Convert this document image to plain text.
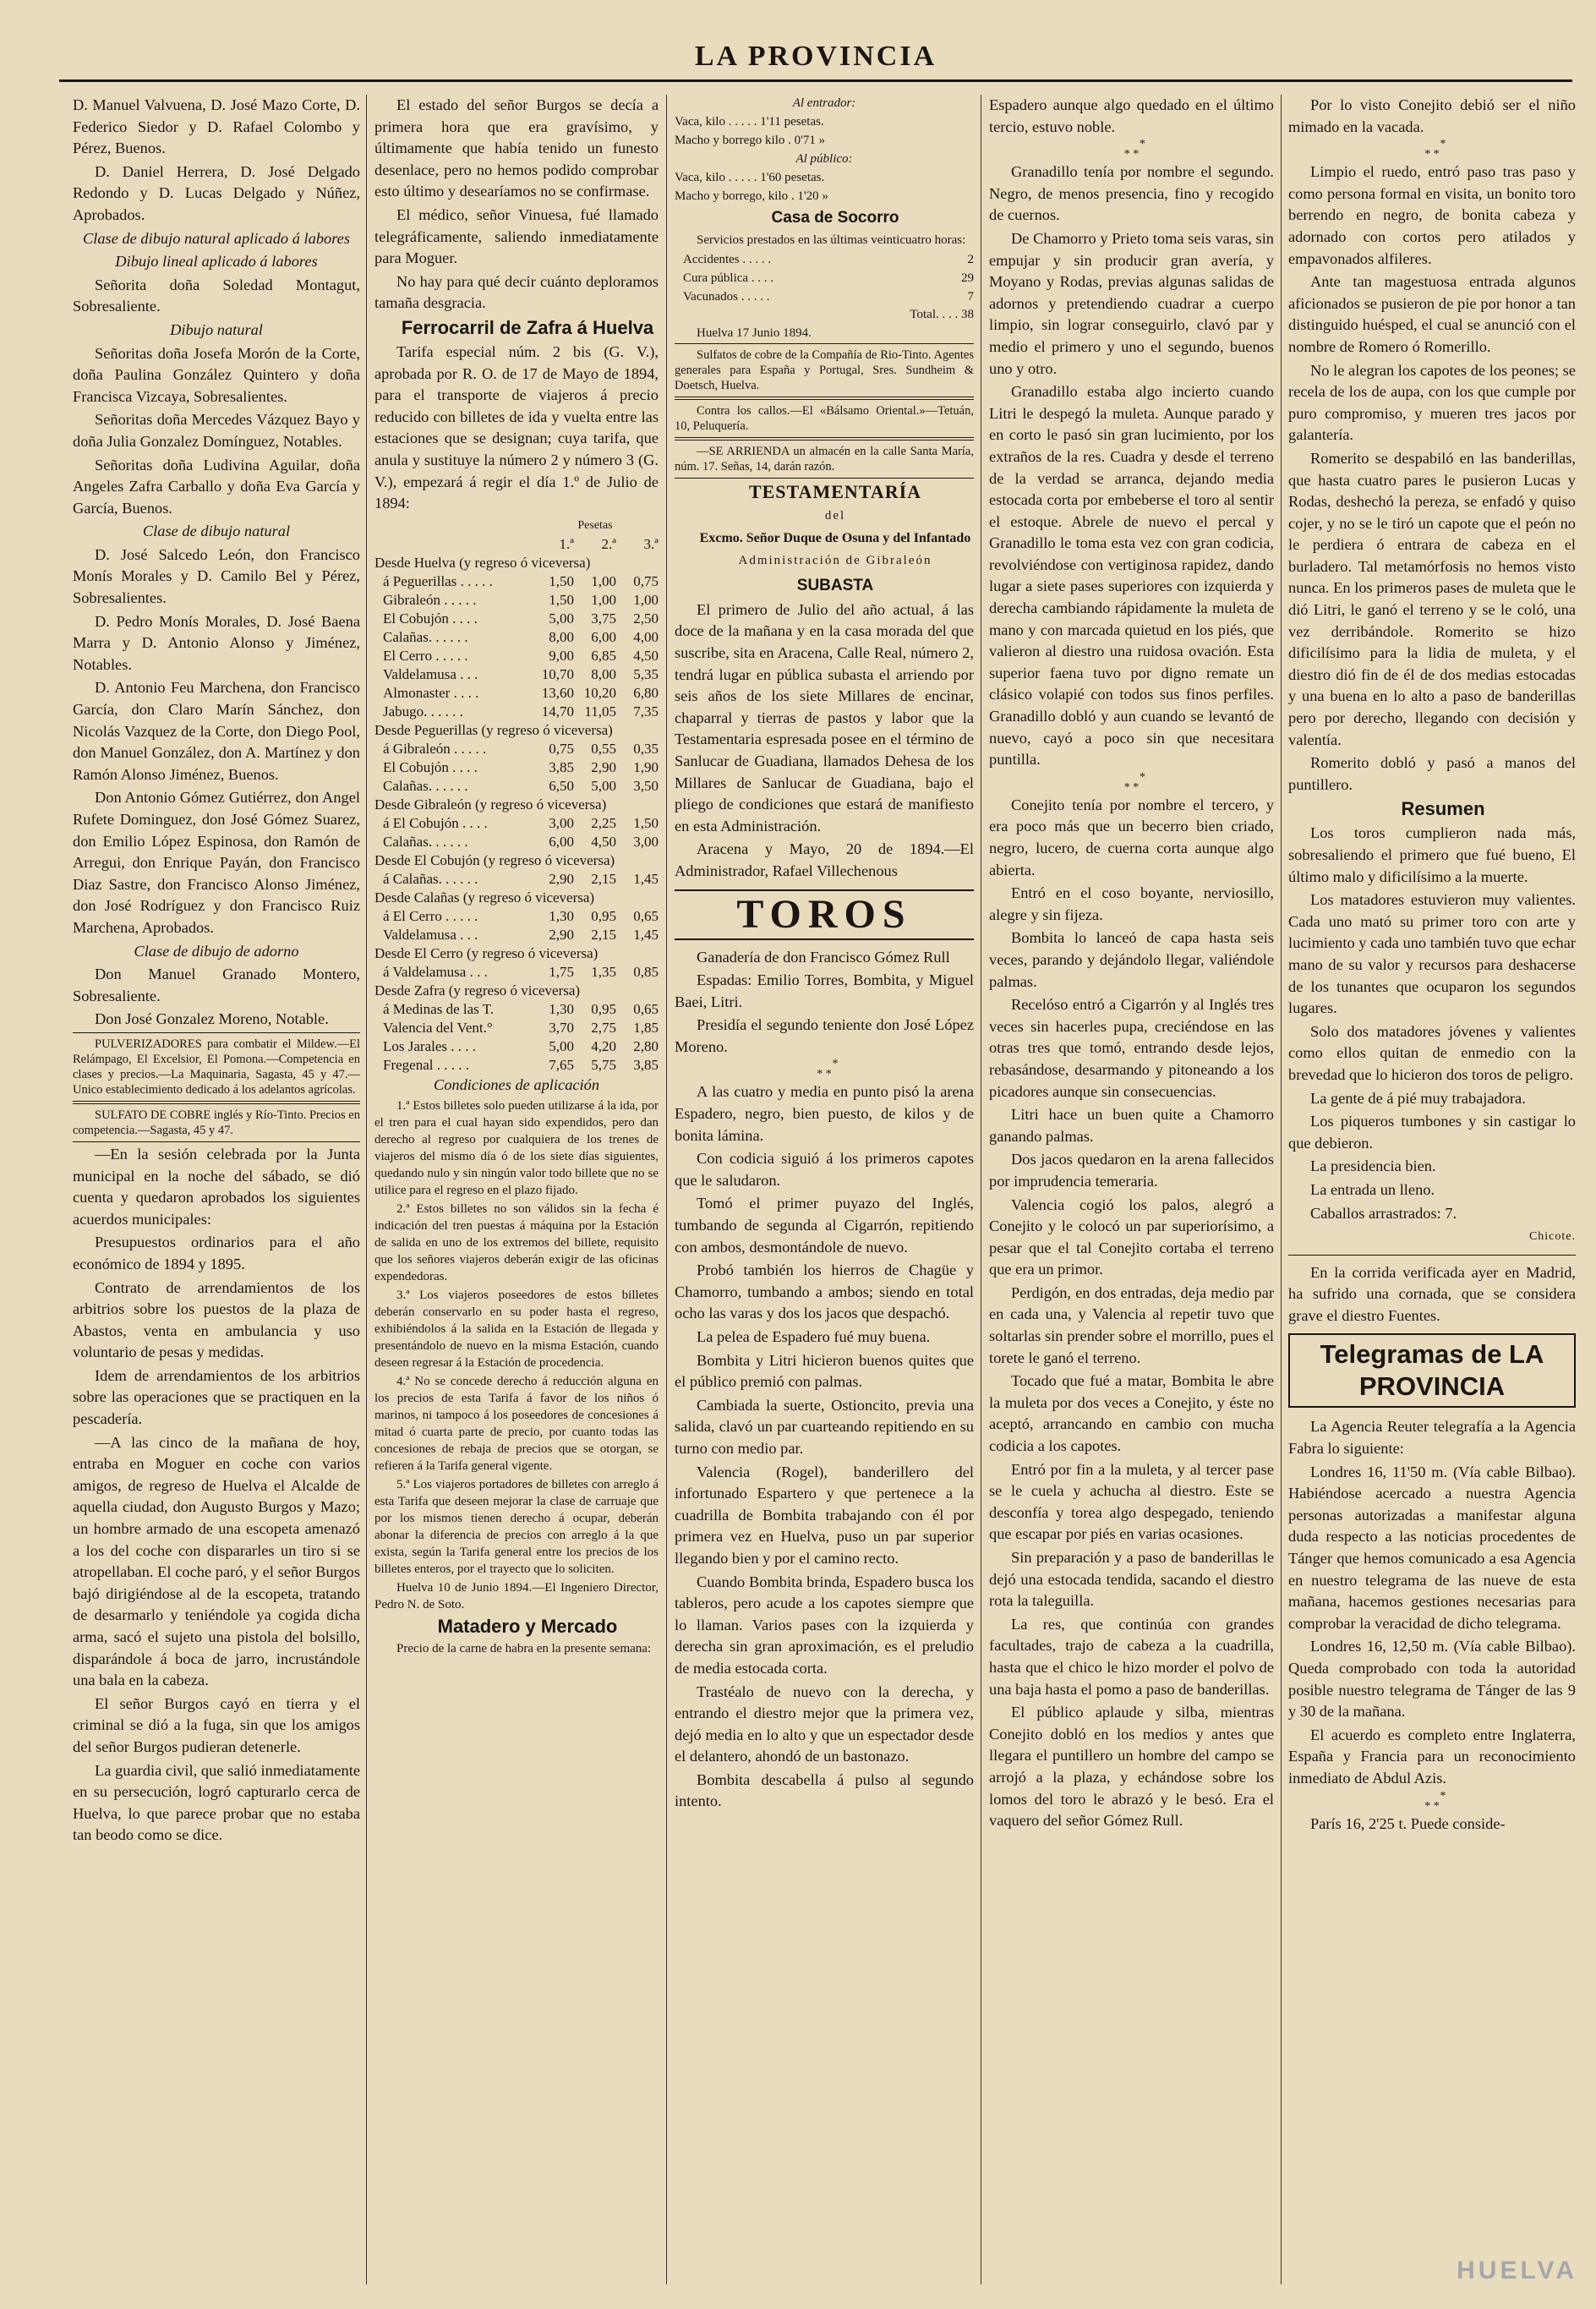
LA PROVINCIA

D. Manuel Valvuena, D. José Mazo Corte, D. Federico Siedor y D. Rafael Colombo y Pérez, Buenos.

D. Daniel Herrera, D. José Delgado Redondo y D. Lucas Delgado y Núñez, Aprobados.

Clase de dibujo natural aplicado á labores

Dibujo lineal aplicado á labores

Señorita doña Soledad Montagut, Sobresaliente.

Dibujo natural

Señoritas doña Josefa Morón de la Corte, doña Paulina González Quintero y doña Francisca Vizcaya, Sobresalientes.

Señoritas doña Mercedes Vázquez Bayo y doña Julia Gonzalez Domínguez, Notables.

Señoritas doña Ludivina Aguilar, doña Angeles Zafra Carballo y doña Eva García y García, Buenos.

Clase de dibujo natural

D. José Salcedo León, don Francisco Monís Morales y D. Camilo Bel y Pérez, Sobresalientes.

D. Pedro Monís Morales, D. José Baena Marra y D. Antonio Alonso y Jiménez, Notables.

D. Antonio Feu Marchena, don Francisco García, don Claro Marín Sánchez, don Nicolás Vazquez de la Corte, don Diego Pool, don Manuel González, don A. Martínez y don Ramón Alonso Jiménez, Buenos.

Don Antonio Gómez Gutiérrez, don Angel Rufete Dominguez, don José Gómez Suarez, don Emilio López Espinosa, don Ramón de Arregui, don Enrique Payán, don Francisco Diaz Sastre, don Francisco Alonso Jiménez, don José Rodríguez y don Francisco Ruiz Marchena, Aprobados.

Clase de dibujo de adorno

Don Manuel Granado Montero, Sobresaliente.

Don José Gonzalez Moreno, Notable.

PULVERIZADORES para combatir el Mildew.—El Relámpago, El Excelsior, El Pomona.—Competencia en clases y precios.—La Maquinaria, Sagasta, 45 y 47.—Unico establecimiento dedicado á los adelantos agrícolas.

SULFATO DE COBRE inglés y Río-Tinto. Precios en competencia.—Sagasta, 45 y 47.

—En la sesión celebrada por la Junta municipal en la noche del sábado, se dió cuenta y quedaron aprobados los siguientes acuerdos municipales:

Presupuestos ordinarios para el año económico de 1894 y 1895.

Contrato de arrendamientos de los arbitrios sobre los puestos de la plaza de Abastos, venta en ambulancia y uso voluntario de pesas y medidas.

Idem de arrendamientos de los arbitrios sobre las operaciones que se practiquen en la pescadería.

—A las cinco de la mañana de hoy, entraba en Moguer en coche con varios amigos, de regreso de Huelva el Alcalde de aquella ciudad, don Augusto Burgos y Mazo; un hombre armado de una escopeta amenazó a los del coche con dispararles un tiro si se atropellaban. El coche paró, y el señor Burgos bajó dirigiéndose al de la escopeta, tratando de desarmarlo y teniéndole ya cogida dicha arma, sacó el sujeto una pistola del bolsillo, disparándole á boca de jarro, incrustándole una bala en la cabeza.

El señor Burgos cayó en tierra y el criminal se dió a la fuga, sin que los amigos del señor Burgos pudieran detenerle.

La guardia civil, que salió inmediatamente en su persecución, logró capturarlo cerca de Huelva, lo que parece probar que no estaba tan beodo como se dice.

El estado del señor Burgos se decía a primera hora que era gravísimo, y últimamente que había tenido un funesto desenlace, pero no hemos podido comprobar esto último y desearíamos no se confirmase.

El médico, señor Vinuesa, fué llamado telegráficamente, saliendo inmediatamente para Moguer.

No hay para qué decir cuánto deploramos tamaña desgracia.

Ferrocarril de Zafra á Huelva

Tarifa especial núm. 2 bis (G. V.), aprobada por R. O. de 17 de Mayo de 1894, para el transporte de viajeros á precio reducido con billetes de ida y vuelta entre las estaciones que se designan; cuya tarifa, que anula y sustituye la número 2 y número 3 (G. V.), empezará á regir el día 1.º de Julio de 1894:

	Pesetas		
	1.ª	2.ª	3.ª
Desde Huelva (y regreso ó viceversa)			
á Peguerillas . . . . .	1,50	1,00	0,75
Gibraleón . . . . .	1,50	1,00	1,00
El Cobujón . . . .	5,00	3,75	2,50
Calañas. . . . . .	8,00	6,00	4,00
El Cerro . . . . .	9,00	6,85	4,50
Valdelamusa . . .	10,70	8,00	5,35
Almonaster . . . .	13,60	10,20	6,80
Jabugo. . . . . .	14,70	11,05	7,35
Desde Peguerillas (y regreso ó viceversa)			
á Gibraleón . . . . .	0,75	0,55	0,35
El Cobujón . . . .	3,85	2,90	1,90
Calañas. . . . . .	6,50	5,00	3,50
Desde Gibraleón (y regreso ó viceversa)			
á El Cobujón . . . .	3,00	2,25	1,50
Calañas. . . . . .	6,00	4,50	3,00
Desde El Cobujón (y regreso ó viceversa)			
á Calañas. . . . . .	2,90	2,15	1,45
Desde Calañas (y regreso ó viceversa)			
á El Cerro . . . . .	1,30	0,95	0,65
Valdelamusa . . .	2,90	2,15	1,45
Desde El Cerro (y regreso ó viceversa)			
á Valdelamusa . . .	1,75	1,35	0,85
Desde Zafra (y regreso ó viceversa)			
á Medinas de las T.	1,30	0,95	0,65
Valencia del Vent.°	3,70	2,75	1,85
Los Jarales . . . .	5,00	4,20	2,80
Fregenal . . . . .	7,65	5,75	3,85

Condiciones de aplicación

1.ª Estos billetes solo pueden utilizarse á la ida, por el tren para el cual hayan sido expendidos, pero dan derecho al regreso por cualquiera de los trenes de viajeros del mismo día ó de los siete días siguientes, quedando nulo y sin ningún valor todo billete que no se utilice para el regreso en el plazo fijado.

2.ª Estos billetes no son válidos sin la fecha é indicación del tren puestas á máquina por la Estación de salida en uno de los extremos del billete, requisito que los señores viajeros deberán exigir de las oficinas expendedoras.

3.ª Los viajeros poseedores de estos billetes deberán conservarlo en su poder hasta el regreso, exhibiéndolos á la salida en la Estación de llegada y presentándolo de nuevo en la misma Estación, cuando deseen regresar á la Estación de procedencia.

4.ª No se concede derecho á reducción alguna en los precios de esta Tarifa á favor de los niños ó marinos, ni tampoco á los poseedores de concesiones á mitad ó cuarta parte de precio, por cuanto todas las concesiones de rebaja de precios que se otorgan, se refieren á la Tarifa general vigente.

5.ª Los viajeros portadores de billetes con arreglo á esta Tarifa que deseen mejorar la clase de carruaje que por los mismos tienen derecho á ocupar, deberán abonar la diferencia de precios con arreglo á la que exista, según la Tarifa general entre los precios de los billetes enteros, por el trayecto que lo soliciten.

Huelva 10 de Junio 1894.—El Ingeniero Director, Pedro N. de Soto.

Matadero y Mercado

Precio de la carne de habra en la presente semana:

Al entrador:

Vaca, kilo . . . . . 1'11 pesetas.

Macho y borrego kilo . 0'71 »

Al público:

Vaca, kilo . . . . . 1'60 pesetas.

Macho y borrego, kilo . 1'20 »

Casa de Socorro

Servicios prestados en las últimas veinticuatro horas:

Accidentes . . . . .	2
Cura pública . . . .	29
Vacunados . . . . .	7

Total. . . . 38

Huelva 17 Junio 1894.

Sulfatos de cobre de la Compañía de Rio-Tinto. Agentes generales para España y Portugal, Sres. Sundheim & Doetsch, Huelva.

Contra los callos.—El «Bálsamo Oriental.»—Tetuán, 10, Peluquería.

—SE ARRIENDA un almacén en la calle Santa María, núm. 17. Señas, 14, darán razón.

TESTAMENTARÍA

del

Excmo. Señor Duque de Osuna y del Infantado

Administración de Gibraleón

SUBASTA

El primero de Julio del año actual, á las doce de la mañana y en la casa morada del que suscribe, sita en Aracena, Calle Real, número 2, tendrá lugar en pública subasta el arriendo por seis años de los siete Millares de encinar, chaparral y tierras de pastos y labor que la Testamentaria espresada posee en el término de Sanlucar de Guadiana, llamados Dehesa de los Millares de Sanlucar de Guadiana, bajo el pliego de condiciones que estará de manifiesto en esta Administración.

Aracena y Mayo, 20 de 1894.—El Administrador, Rafael Villechenous

TOROS

Ganadería de don Francisco Gómez Rull

Espadas: Emilio Torres, Bombita, y Miguel Baei, Litri.

Presidía el segundo teniente don José López Moreno.

*
* *

A las cuatro y media en punto pisó la arena Espadero, negro, bien puesto, de kilos y de bonita lámina.

Con codicia siguió á los primeros capotes que le saludaron.

Tomó el primer puyazo del Inglés, tumbando de segunda al Cigarrón, repitiendo con ambos, desmontándole de nuevo.

Probó también los hierros de Chagüe y Chamorro, tumbando a ambos; siendo en total ocho las varas y dos los jacos que despachó.

La pelea de Espadero fué muy buena.

Bombita y Litri hicieron buenos quites que el público premió con palmas.

Cambiada la suerte, Ostioncito, previa una salida, clavó un par cuarteando repitiendo en su turno con medio par.

Valencia (Rogel), banderillero del infortunado Espartero y que pertenece a la cuadrilla de Bombita trabajando con él por primera vez en Huelva, puso un par superior llegando bien y por el camino recto.

Cuando Bombita brinda, Espadero busca los tableros, pero acude a los capotes siempre que lo llaman. Varios pases con la izquierda y derecha sin gran aproximación, es el preludio de media estocada corta.

Trastéalo de nuevo con la derecha, y entrando el diestro mejor que la primera vez, dejó media en lo alto y que un espectador desde el delantero, ahondó de un bastonazo.

Bombita descabella á pulso al segundo intento.

Espadero aunque algo quedado en el último tercio, estuvo noble.

*
* *

Granadillo tenía por nombre el segundo. Negro, de menos presencia, fino y recogido de cuernos.

De Chamorro y Prieto toma seis varas, sin empujar y sin producir gran avería, y Moyano y Rodas, previas algunas salidas de adornos y pretendiendo cuadrar a cuerpo limpio, sin lograr conseguirlo, clavó par y medio el primero y uno el segundo, buenos uno y otro.

Granadillo estaba algo incierto cuando Litri le despegó la muleta. Aunque parado y en corto le pasó sin gran lucimiento, por los extraños de la res. Cuadra y desde el terreno de la verdad se arranca, dejando media estocada corta por embeberse el toro al sentir el estoque. Abrele de nuevo el percal y Granadillo le toma esta vez con gran codicia, revolviéndose con vertiginosa rapidez, dando lugar a siete pases superiores con izquierda y derecha cambiando rápidamente la muleta de mano y con marcada quietud en los piés, que valieron al diestro una ruidosa ovación. Esta superior faena tuvo por digno remate un clásico volapié con todos sus finos perfiles. Granadillo dobló y aun cuando se levantó de nuevo, cayó a poco sin que necesitara puntilla.

*
* *

Conejito tenía por nombre el tercero, y era poco más que un becerro bien criado, negro, lucero, de cuerna corta aunque algo abierta.

Entró en el coso boyante, nerviosillo, alegre y sin fijeza.

Bombita lo lanceó de capa hasta seis veces, parando y dejándolo llegar, valiéndole palmas.

Recelóso entró a Cigarrón y al Inglés tres veces sin hacerles pupa, creciéndose en las otras tres que tomó, entrando desde lejos, rebasándose, desarmando y pitoneando a los picadores aunque sin consecuencias.

Litri hace un buen quite a Chamorro ganando palmas.

Dos jacos quedaron en la arena fallecidos por imprudencia temeraria.

Valencia cogió los palos, alegró a Conejito y le colocó un par superiorísimo, a pesar que el tal Conejito cortaba el terreno que era un primor.

Perdigón, en dos entradas, deja medio par en cada una, y Valencia al repetir tuvo que soltarlas sin prender sobre el morrillo, pues el torete le ganó el terreno.

Tocado que fué a matar, Bombita le abre la muleta por dos veces a Conejito, y éste no aceptó, arrancando en cambio con mucha codicia a los capotes.

Entró por fin a la muleta, y al tercer pase se le cuela y achucha al diestro. Este se desconfía y torea algo despegado, teniendo que escapar por piés en varias ocasiones.

Sin preparación y a paso de banderillas le dejó una estocada tendida, sacando el diestro rota la taleguilla.

La res, que continúa con grandes facultades, trajo de cabeza a la cuadrilla, hasta que el chico le hizo morder el polvo de una baja hasta el pomo a paso de banderillas.

El público aplaude y silba, mientras Conejito dobló en los medios y antes que llegara el puntillero un hombre del campo se arrojó a la plaza, y echándose sobre los lomos del toro le abrazó y le besó. Era el vaquero del señor Gómez Rull.

Por lo visto Conejito debió ser el niño mimado en la vacada.

*
* *

Limpio el ruedo, entró paso tras paso y como persona formal en visita, un bonito toro berrendo en negro, de bonita cabeza y adornado con cortos pero atilados y empavonados alfileres.

Ante tan magestuosa entrada algunos aficionados se pusieron de pie por honor a tan distinguido huésped, el cual se anunció con el nombre de Romero ó Romerillo.

No le alegran los capotes de los peones; se recela de los de aupa, con los que cumple por puro compromiso, y mueren tres jacos por galantería.

Romerito se despabiló en las banderillas, que hasta cuatro pares le pusieron Lucas y Rodas, deshechó la pereza, se enfadó y quiso cojer, y no se le tiró un capote que el peón no le perdiera ó entrara de cabeza en el burladero. Tal metamórfosis no hemos visto nunca. En los primeros pases de muleta que le dió Litri, le ganó el terreno y se le coló, una vez derribándole. Romerito se hizo dificilísimo para la lidia de muleta, y el diestro dió fin de él de dos medias estocadas y una buena en lo alto a paso de banderillas pero por derecho, llegando con decisión y valentía.

Romerito dobló y pasó a manos del puntillero.

Resumen

Los toros cumplieron nada más, sobresaliendo el primero que fué bueno, El último malo y dificilísimo a la muerte.

Los matadores estuvieron muy valientes. Cada uno mató su primer toro con arte y lucimiento y cada uno también tuvo que echar mano de su valor y recursos para deshacerse de los tunantes que ocuparon los segundos lugares.

Solo dos matadores jóvenes y valientes como ellos quitan de enmedio con la brevedad que lo hicieron dos toros de peligro.

La gente de á pié muy trabajadora.

Los piqueros tumbones y sin castigar lo que debieron.

La presidencia bien.

La entrada un lleno.

Caballos arrastrados: 7.

Chicote.

En la corrida verificada ayer en Madrid, ha sufrido una cornada, que se considera grave el diestro Fuentes.

Telegramas de LA PROVINCIA

La Agencia Reuter telegrafía a la Agencia Fabra lo siguiente:

Londres 16, 11'50 m. (Vía cable Bilbao). Habiéndose acercado a nuestra Agencia personas autorizadas a manifestar alguna duda respecto a las noticias procedentes de Tánger que hemos comunicado a esa Agencia en nuestro telegrama de las nueve de esta mañana, hacemos gestiones necesarias para comprobar la veracidad de dicho telegrama.

Londres 16, 12,50 m. (Vía cable Bilbao). Queda comprobado con toda la autoridad posible nuestro telegrama de Tánger de las 9 y 30 de la mañana.

El acuerdo es completo entre Inglaterra, España y Francia para un reconocimiento inmediato de Abdul Azis.

*
* *

París 16, 2'25 t. Puede conside-

HUELVA
